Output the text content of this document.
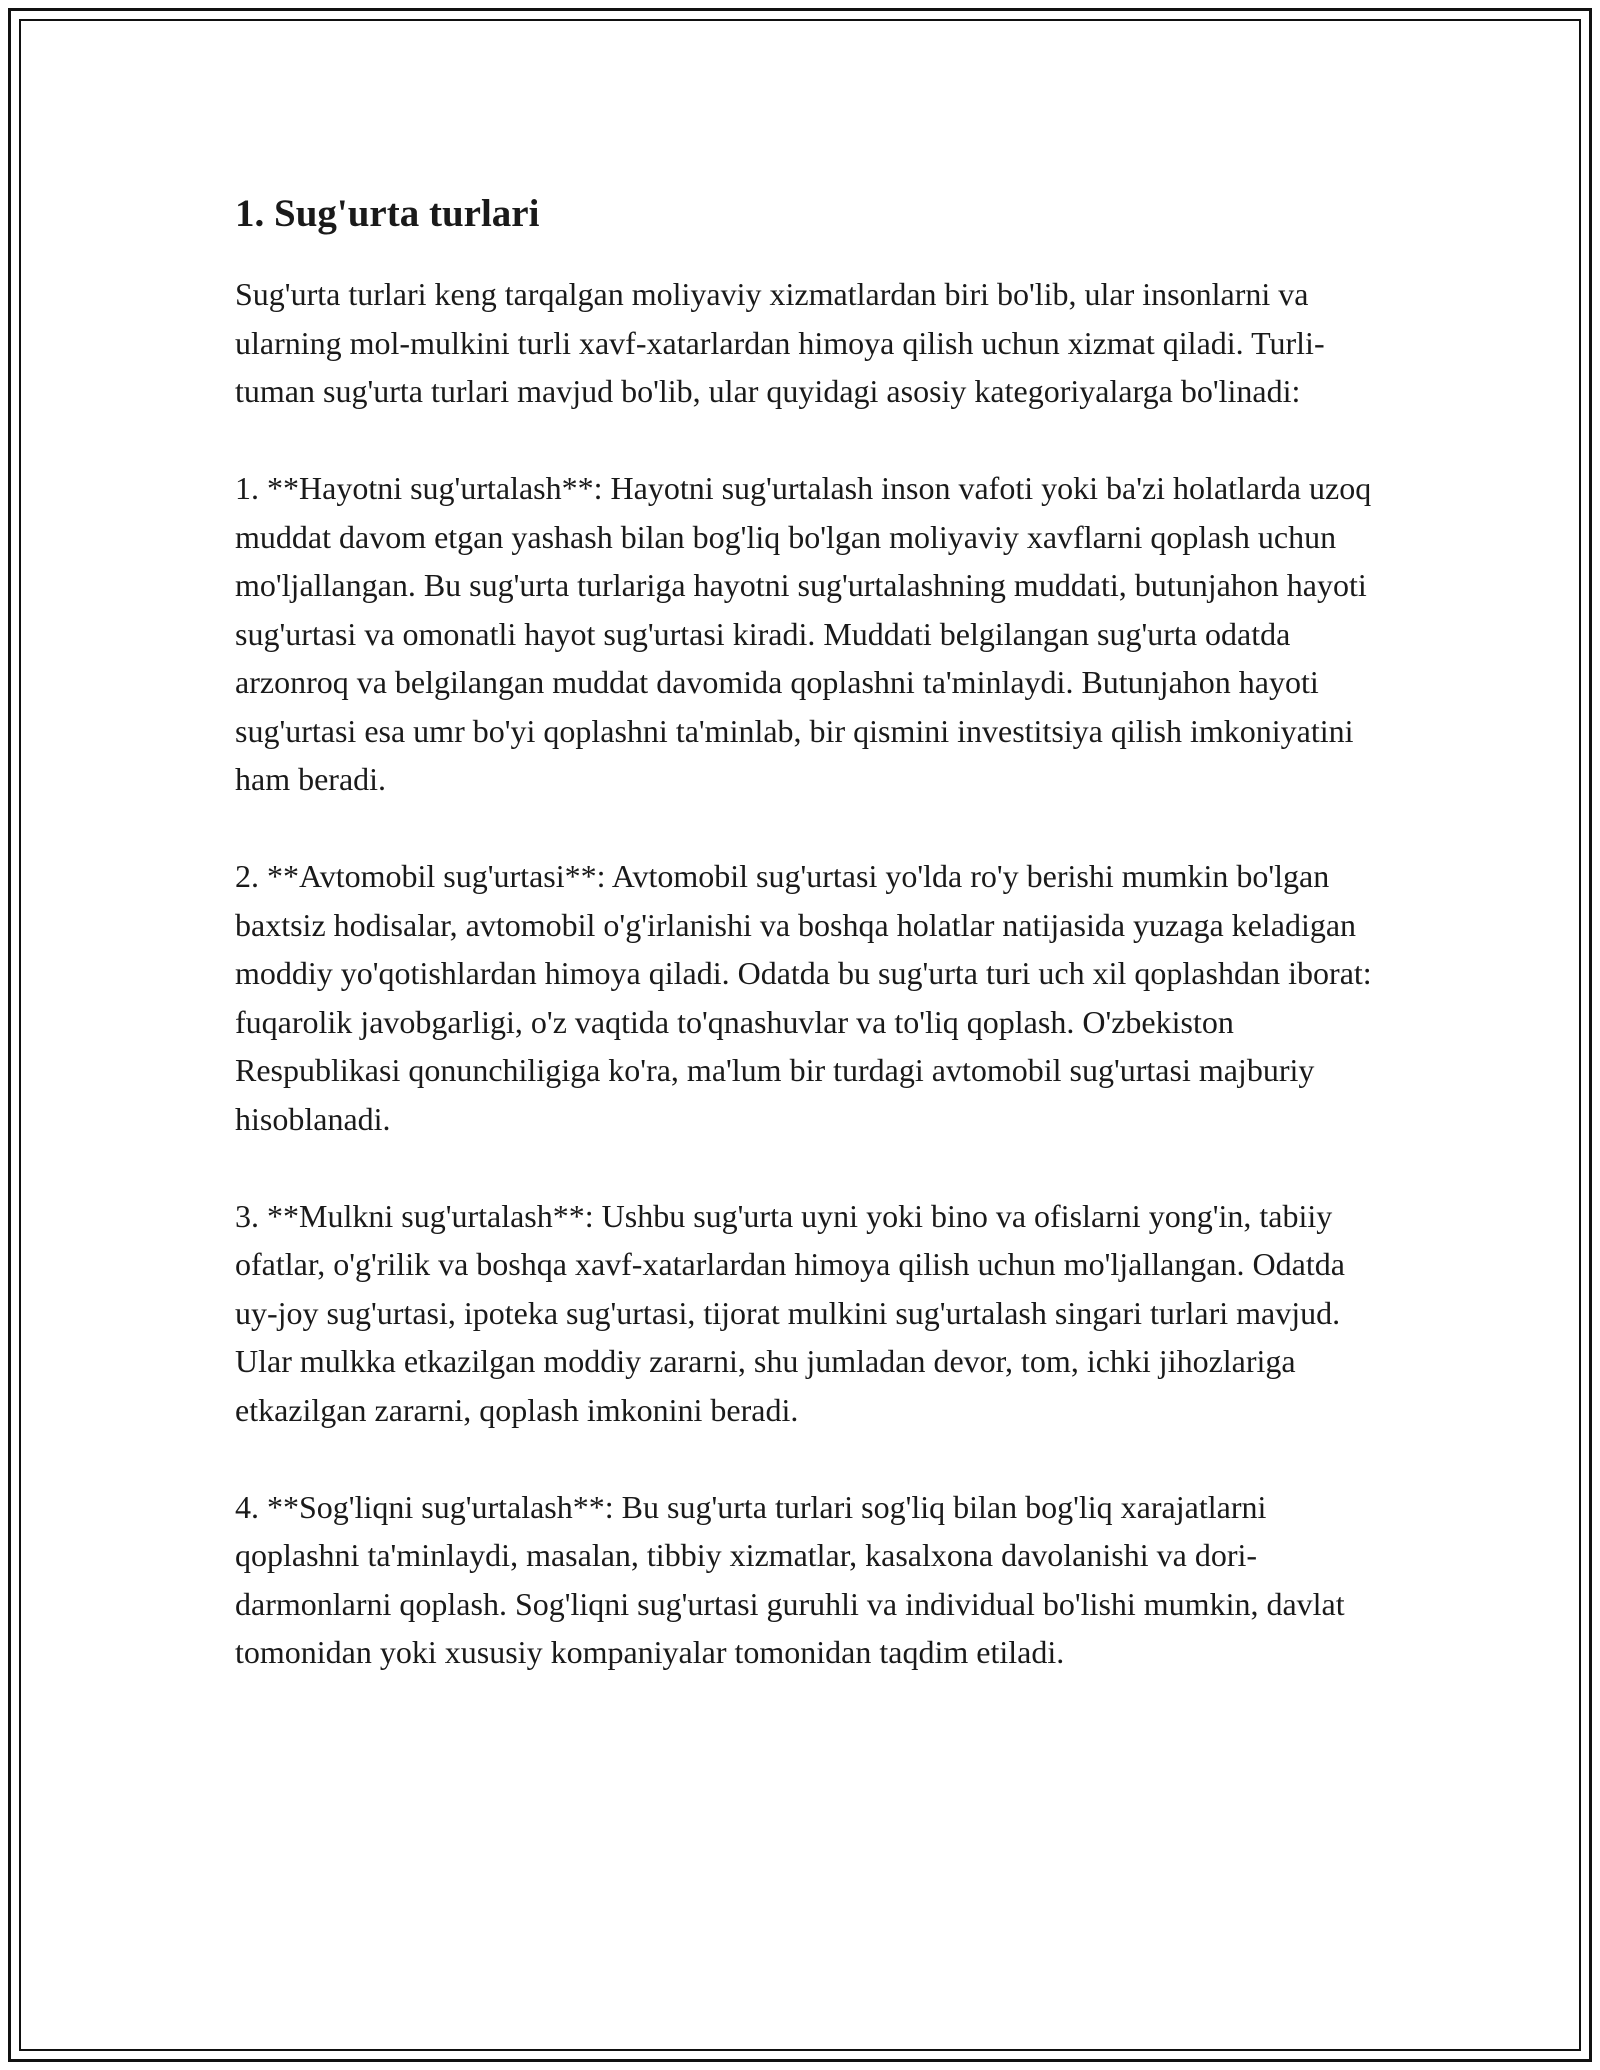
1. Sug'urta turlari

Sug'urta turlari keng tarqalgan moliyaviy xizmatlardan biri bo'lib, ular insonlarni va ularning mol-mulkini turli xavf-xatarlardan himoya qilish uchun xizmat qiladi. Turli-tuman sug'urta turlari mavjud bo'lib, ular quyidagi asosiy kategoriyalarga bo'linadi:

1. **Hayotni sug'urtalash**: Hayotni sug'urtalash inson vafoti yoki ba'zi holatlarda uzoq muddat davom etgan yashash bilan bog'liq bo'lgan moliyaviy xavflarni qoplash uchun mo'ljallangan. Bu sug'urta turlariga hayotni sug'urtalashning muddati, butunjahon hayoti sug'urtasi va omonatli hayot sug'urtasi kiradi. Muddati belgilangan sug'urta odatda arzonroq va belgilangan muddat davomida qoplashni ta'minlaydi. Butunjahon hayoti sug'urtasi esa umr bo'yi qoplashni ta'minlab, bir qismini investitsiya qilish imkoniyatini ham beradi.

2. **Avtomobil sug'urtasi**: Avtomobil sug'urtasi yo'lda ro'y berishi mumkin bo'lgan baxtsiz hodisalar, avtomobil o'g'irlanishi va boshqa holatlar natijasida yuzaga keladigan moddiy yo'qotishlardan himoya qiladi. Odatda bu sug'urta turi uch xil qoplashdan iborat: fuqarolik javobgarligi, o'z vaqtida to'qnashuvlar va to'liq qoplash. O'zbekiston Respublikasi qonunchiligiga ko'ra, ma'lum bir turdagi avtomobil sug'urtasi majburiy hisoblanadi.

3. **Mulkni sug'urtalash**: Ushbu sug'urta uyni yoki bino va ofislarni yong'in, tabiiy ofatlar, o'g'rilik va boshqa xavf-xatarlardan himoya qilish uchun mo'ljallangan. Odatda uy-joy sug'urtasi, ipoteka sug'urtasi, tijorat mulkini sug'urtalash singari turlari mavjud. Ular mulkka etkazilgan moddiy zararni, shu jumladan devor, tom, ichki jihozlariga etkazilgan zararni, qoplash imkonini beradi.

4. **Sog'liqni sug'urtalash**: Bu sug'urta turlari sog'liq bilan bog'liq xarajatlarni qoplashni ta'minlaydi, masalan, tibbiy xizmatlar, kasalxona davolanishi va dori-darmonlarni qoplash. Sog'liqni sug'urtasi guruhli va individual bo'lishi mumkin, davlat tomonidan yoki xususiy kompaniyalar tomonidan taqdim etiladi.
